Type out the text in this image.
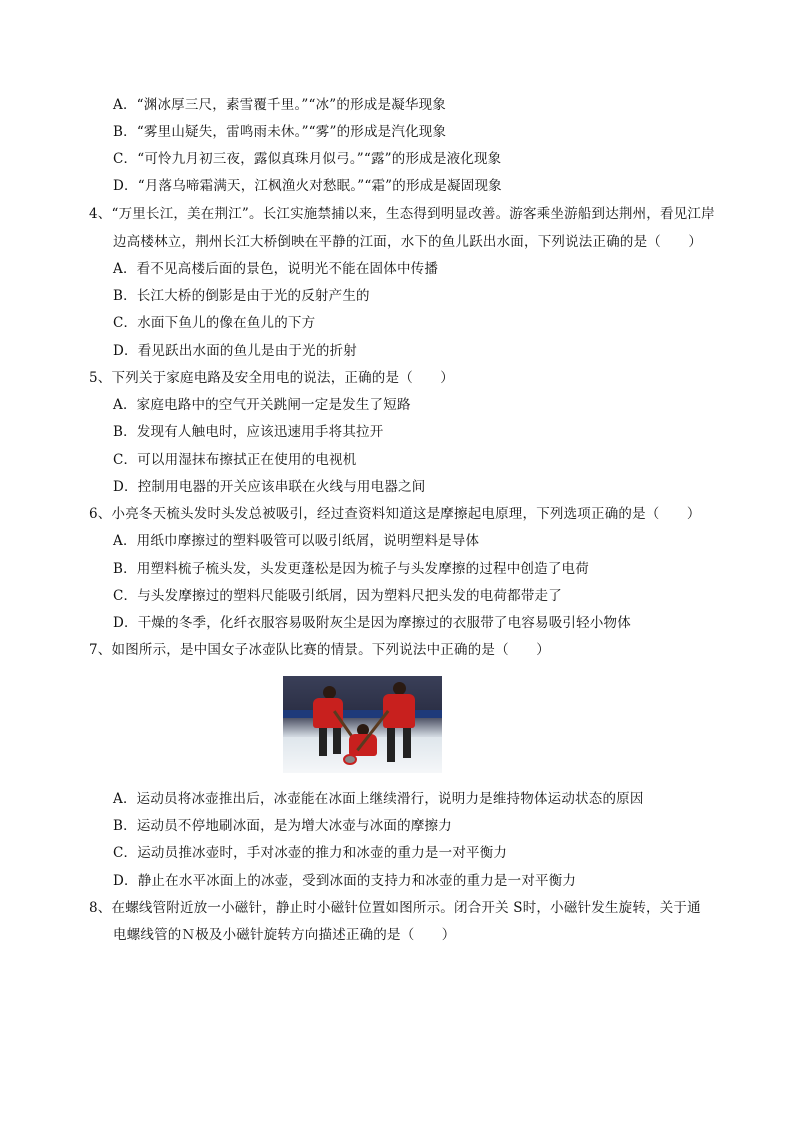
A．“渊冰厚三尺，素雪覆千里。”“冰”的形成是凝华现象
B．“雾里山疑失，雷鸣雨未休。”“雾”的形成是汽化现象
C．“可怜九月初三夜，露似真珠月似弓。”“露”的形成是液化现象
D．“月落乌啼霜满天，江枫渔火对愁眠。”“霜”的形成是凝固现象
4、“万里长江，美在荆江”。长江实施禁捕以来，生态得到明显改善。游客乘坐游船到达荆州，看见江岸
边高楼林立，荆州长江大桥倒映在平静的江面，水下的鱼儿跃出水面，下列说法正确的是（　　）
A．看不见高楼后面的景色，说明光不能在固体中传播
B．长江大桥的倒影是由于光的反射产生的
C．水面下鱼儿的像在鱼儿的下方
D．看见跃出水面的鱼儿是由于光的折射
5、下列关于家庭电路及安全用电的说法，正确的是（　　）
A．家庭电路中的空气开关跳闸一定是发生了短路
B．发现有人触电时，应该迅速用手将其拉开
C．可以用湿抹布擦拭正在使用的电视机
D．控制用电器的开关应该串联在火线与用电器之间
6、小亮冬天梳头发时头发总被吸引，经过查资料知道这是摩擦起电原理，下列选项正确的是（　　）
A．用纸巾摩擦过的塑料吸管可以吸引纸屑，说明塑料是导体
B．用塑料梳子梳头发，头发更蓬松是因为梳子与头发摩擦的过程中创造了电荷
C．与头发摩擦过的塑料尺能吸引纸屑，因为塑料尺把头发的电荷都带走了
D．干燥的冬季，化纤衣服容易吸附灰尘是因为摩擦过的衣服带了电容易吸引轻小物体
7、如图所示，是中国女子冰壶队比赛的情景。下列说法中正确的是（　　）
A．运动员将冰壶推出后，冰壶能在冰面上继续滑行，说明力是维持物体运动状态的原因
B．运动员不停地刷冰面，是为增大冰壶与冰面的摩擦力
C．运动员推冰壶时，手对冰壶的推力和冰壶的重力是一对平衡力
D．静止在水平冰面上的冰壶，受到冰面的支持力和冰壶的重力是一对平衡力
8、在螺线管附近放一小磁针，静止时小磁针位置如图所示。闭合开关 S时，小磁针发生旋转，关于通
电螺线管的Ｎ极及小磁针旋转方向描述正确的是（　　）
